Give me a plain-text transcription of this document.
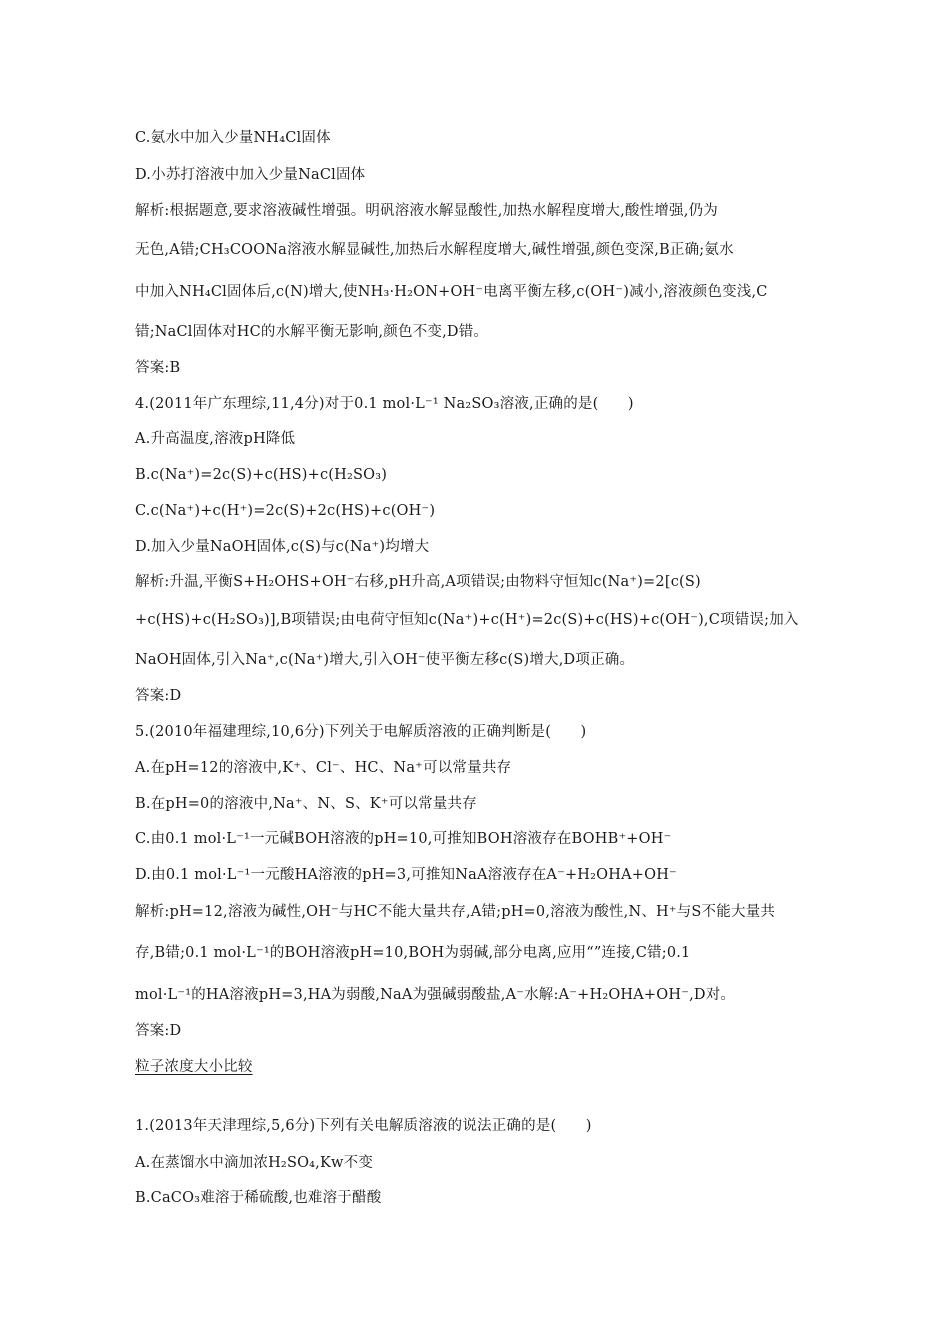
C.氨水中加入少量NH₄Cl固体
D.小苏打溶液中加入少量NaCl固体
解析:根据题意,要求溶液碱性增强。明矾溶液水解显酸性,加热水解程度增大,酸性增强,仍为
无色,A错;CH₃COONa溶液水解显碱性,加热后水解程度增大,碱性增强,颜色变深,B正确;氨水
中加入NH₄Cl固体后,c(N)增大,使NH₃·H₂ON+OH⁻电离平衡左移,c(OH⁻)减小,溶液颜色变浅,C
错;NaCl固体对HC的水解平衡无影响,颜色不变,D错。
答案:B
4.(2011年广东理综,11,4分)对于0.1 mol·L⁻¹ Na₂SO₃溶液,正确的是(　　)
A.升高温度,溶液pH降低
B.c(Na⁺)=2c(S)+c(HS)+c(H₂SO₃)
C.c(Na⁺)+c(H⁺)=2c(S)+2c(HS)+c(OH⁻)
D.加入少量NaOH固体,c(S)与c(Na⁺)均增大
解析:升温,平衡S+H₂OHS+OH⁻右移,pH升高,A项错误;由物料守恒知c(Na⁺)=2[c(S)
+c(HS)+c(H₂SO₃)],B项错误;由电荷守恒知c(Na⁺)+c(H⁺)=2c(S)+c(HS)+c(OH⁻),C项错误;加入
NaOH固体,引入Na⁺,c(Na⁺)增大,引入OH⁻使平衡左移c(S)增大,D项正确。
答案:D
5.(2010年福建理综,10,6分)下列关于电解质溶液的正确判断是(　　)
A.在pH=12的溶液中,K⁺、Cl⁻、HC、Na⁺可以常量共存
B.在pH=0的溶液中,Na⁺、N、S、K⁺可以常量共存
C.由0.1 mol·L⁻¹一元碱BOH溶液的pH=10,可推知BOH溶液存在BOHB⁺+OH⁻
D.由0.1 mol·L⁻¹一元酸HA溶液的pH=3,可推知NaA溶液存在A⁻+H₂OHA+OH⁻
解析:pH=12,溶液为碱性,OH⁻与HC不能大量共存,A错;pH=0,溶液为酸性,N、H⁺与S不能大量共
存,B错;0.1 mol·L⁻¹的BOH溶液pH=10,BOH为弱碱,部分电离,应用“”连接,C错;0.1
mol·L⁻¹的HA溶液pH=3,HA为弱酸,NaA为强碱弱酸盐,A⁻水解:A⁻+H₂OHA+OH⁻,D对。
答案:D
粒子浓度大小比较
1.(2013年天津理综,5,6分)下列有关电解质溶液的说法正确的是(　　)
A.在蒸馏水中滴加浓H₂SO₄,Kw不变
B.CaCO₃难溶于稀硫酸,也难溶于醋酸
